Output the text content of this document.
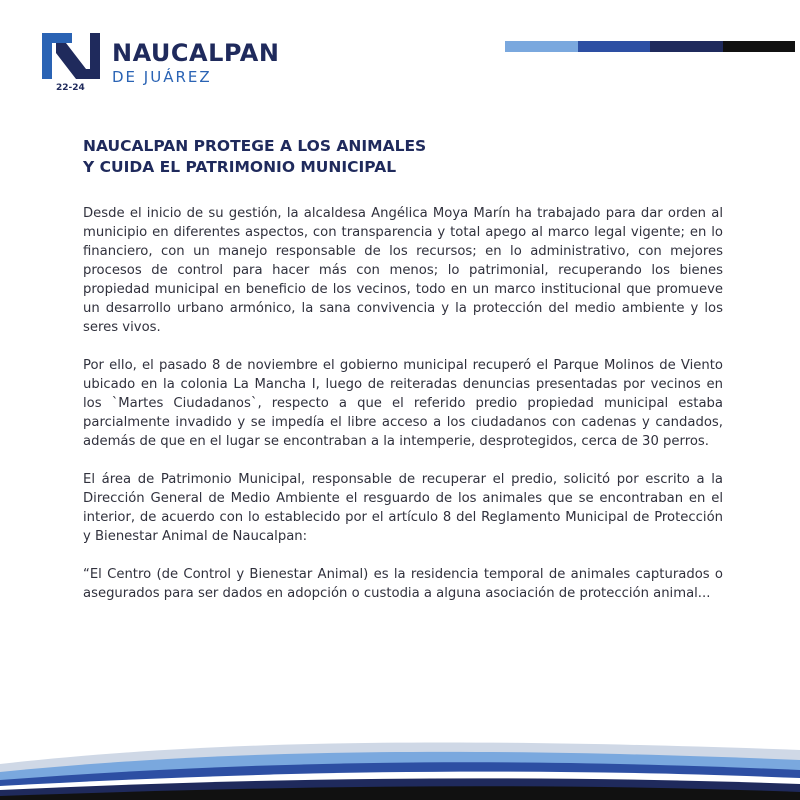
NAUCALPAN
DE JUÁREZ
22-24
NAUCALPAN PROTEGE A LOS ANIMALES
Y CUIDA EL PATRIMONIO MUNICIPAL

Desde el inicio de su gestión, la alcaldesa Angélica Moya Marín ha trabajado para dar orden al municipio en diferentes aspectos, con transparencia y total apego al marco legal vigente; en lo financiero, con un manejo responsable de los recursos; en lo administrativo, con mejores procesos de control para hacer más con menos; lo patrimonial, recuperando los bienes propiedad municipal en beneficio de los vecinos, todo en un marco institucional que promueve un desarrollo urbano armónico, la sana convivencia y la protección del medio ambiente y los seres vivos.

Por ello, el pasado 8 de noviembre el gobierno municipal recuperó el Parque Molinos de Viento ubicado en la colonia La Mancha I, luego de reiteradas denuncias presentadas por vecinos en los `Martes Ciudadanos`, respecto a que el referido predio propiedad municipal estaba parcialmente invadido y se impedía el libre acceso a los ciudadanos con cadenas y candados, además de que en el lugar se encontraban a la intemperie, desprotegidos, cerca de 30 perros.

El área de Patrimonio Municipal, responsable de recuperar el predio, solicitó por escrito a la Dirección General de Medio Ambiente el resguardo de los animales que se encontraban en el interior, de acuerdo con lo establecido por el artículo 8 del Reglamento Municipal de Protección y Bienestar Animal de Naucalpan:

“El Centro (de Control y Bienestar Animal) es la residencia temporal de animales capturados o asegurados para ser dados en adopción o custodia a alguna asociación de protección animal...
